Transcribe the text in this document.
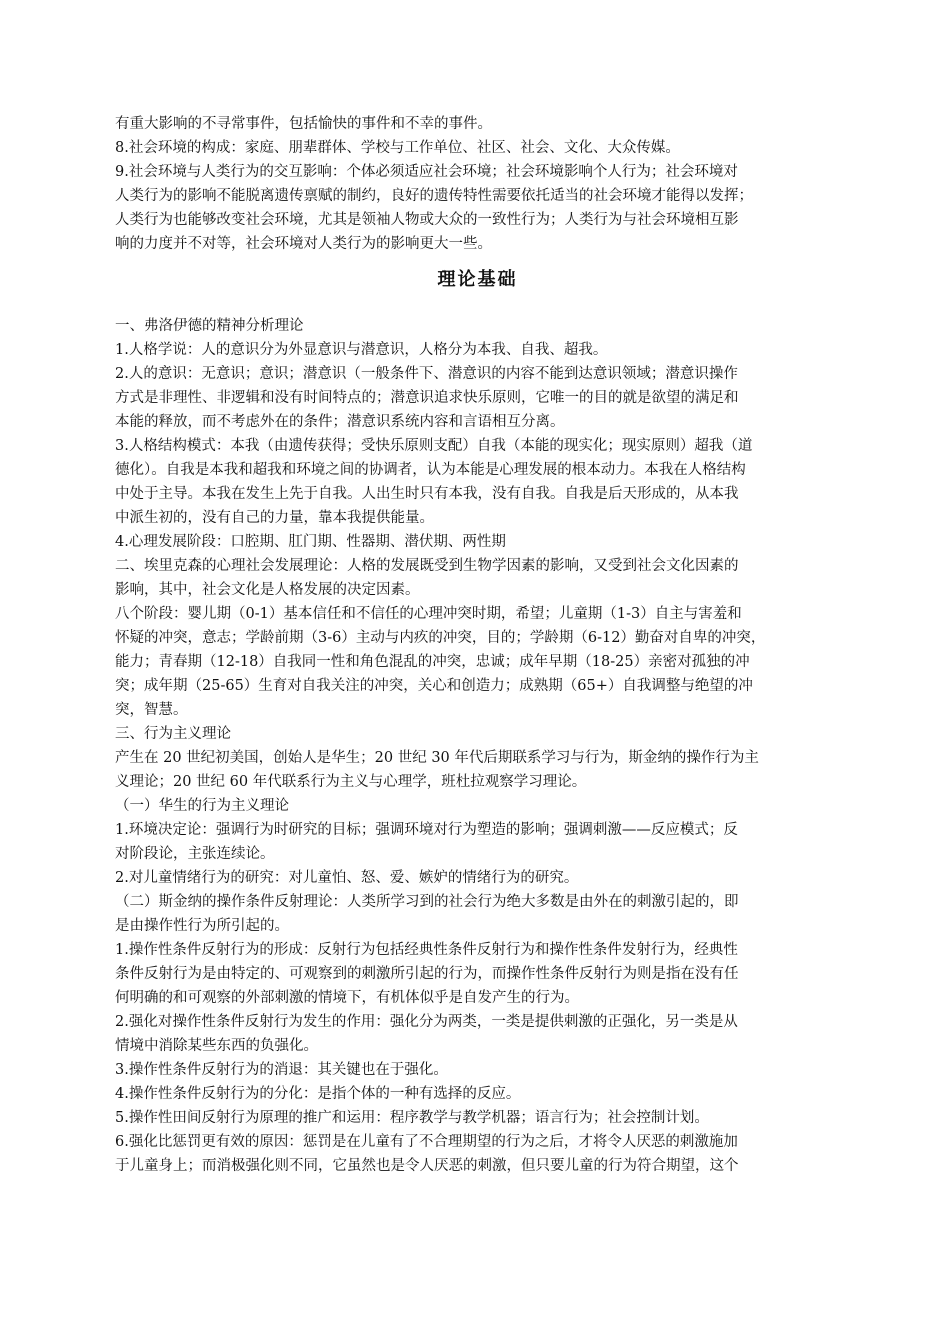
有重大影响的不寻常事件，包括愉快的事件和不幸的事件。
8.社会环境的构成：家庭、朋辈群体、学校与工作单位、社区、社会、文化、大众传媒。
9.社会环境与人类行为的交互影响：个体必须适应社会环境；社会环境影响个人行为；社会环境对
人类行为的影响不能脱离遗传禀赋的制约，良好的遗传特性需要依托适当的社会环境才能得以发挥；
人类行为也能够改变社会环境，尤其是领袖人物或大众的一致性行为；人类行为与社会环境相互影
响的力度并不对等，社会环境对人类行为的影响更大一些。
理论基础
一、弗洛伊德的精神分析理论
1.人格学说：人的意识分为外显意识与潜意识，人格分为本我、自我、超我。
2.人的意识：无意识；意识；潜意识（一般条件下、潜意识的内容不能到达意识领域；潜意识操作
方式是非理性、非逻辑和没有时间特点的；潜意识追求快乐原则，它唯一的目的就是欲望的满足和
本能的释放，而不考虑外在的条件；潜意识系统内容和言语相互分离。
3.人格结构模式：本我（由遗传获得；受快乐原则支配）自我（本能的现实化；现实原则）超我（道
德化）。自我是本我和超我和环境之间的协调者，认为本能是心理发展的根本动力。本我在人格结构
中处于主导。本我在发生上先于自我。人出生时只有本我，没有自我。自我是后天形成的，从本我
中派生初的，没有自己的力量，靠本我提供能量。
4.心理发展阶段：口腔期、肛门期、性器期、潜伏期、两性期
二、埃里克森的心理社会发展理论：人格的发展既受到生物学因素的影响，又受到社会文化因素的
影响，其中，社会文化是人格发展的决定因素。
八个阶段：婴儿期（0-1）基本信任和不信任的心理冲突时期，希望；儿童期（1-3）自主与害羞和
怀疑的冲突，意志；学龄前期（3-6）主动与内疚的冲突，目的；学龄期（6-12）勤奋对自卑的冲突，
能力；青春期（12-18）自我同一性和角色混乱的冲突，忠诚；成年早期（18-25）亲密对孤独的冲
突；成年期（25-65）生育对自我关注的冲突，关心和创造力；成熟期（65+）自我调整与绝望的冲
突，智慧。
三、行为主义理论
产生在 20 世纪初美国，创始人是华生；20 世纪 30 年代后期联系学习与行为，斯金纳的操作行为主
义理论；20 世纪 60 年代联系行为主义与心理学，班杜拉观察学习理论。
（一）华生的行为主义理论
1.环境决定论：强调行为时研究的目标；强调环境对行为塑造的影响；强调刺激——反应模式；反
对阶段论，主张连续论。
2.对儿童情绪行为的研究：对儿童怕、怒、爱、嫉妒的情绪行为的研究。
（二）斯金纳的操作条件反射理论：人类所学习到的社会行为绝大多数是由外在的刺激引起的，即
是由操作性行为所引起的。
1.操作性条件反射行为的形成：反射行为包括经典性条件反射行为和操作性条件发射行为，经典性
条件反射行为是由特定的、可观察到的刺激所引起的行为，而操作性条件反射行为则是指在没有任
何明确的和可观察的外部刺激的情境下，有机体似乎是自发产生的行为。
2.强化对操作性条件反射行为发生的作用：强化分为两类，一类是提供刺激的正强化，另一类是从
情境中消除某些东西的负强化。
3.操作性条件反射行为的消退：其关键也在于强化。
4.操作性条件反射行为的分化：是指个体的一种有选择的反应。
5.操作性田间反射行为原理的推广和运用：程序教学与教学机器；语言行为；社会控制计划。
6.强化比惩罚更有效的原因：惩罚是在儿童有了不合理期望的行为之后，才将令人厌恶的刺激施加
于儿童身上；而消极强化则不同，它虽然也是令人厌恶的刺激，但只要儿童的行为符合期望，这个
